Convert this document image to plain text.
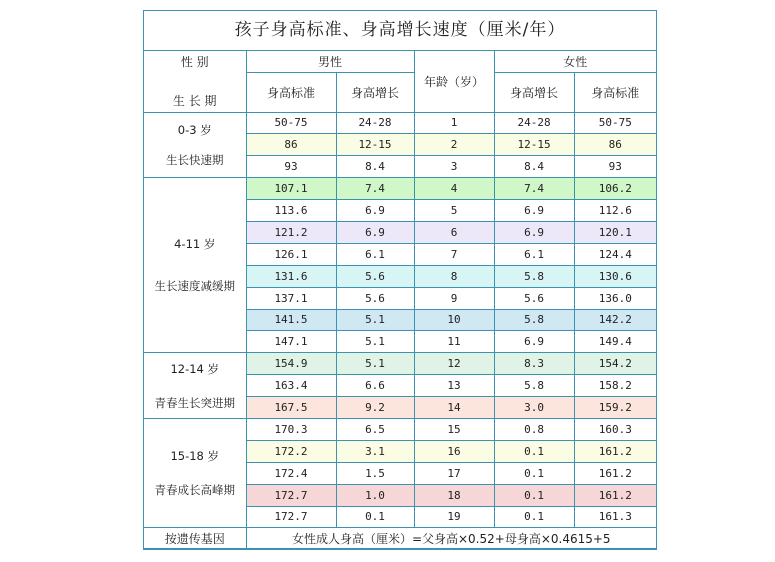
孩子身高标准、身高增长速度（厘米/年）
性 别
生 长 期	男性		年龄（岁）	女性	
	身高标准	身高增长		身高增长	身高标准

0-3 岁
生长快速期	50-75	24-28	1	24-28	50-75
	86	12-15	2	12-15	86
	93	8.4	3	8.4	93

4-11 岁
生长速度减缓期	107.1	7.4	4	7.4	106.2
	113.6	6.9	5	6.9	112.6
	121.2	6.9	6	6.9	120.1
	126.1	6.1	7	6.1	124.4
	131.6	5.6	8	5.8	130.6
	137.1	5.6	9	5.6	136.0
	141.5	5.1	10	5.8	142.2
	147.1	5.1	11	6.9	149.4

12-14 岁
青春生长突进期	154.9	5.1	12	8.3	154.2
	163.4	6.6	13	5.8	158.2
	167.5	9.2	14	3.0	159.2

15-18 岁
青春成长高峰期	170.3	6.5	15	0.8	160.3
	172.2	3.1	16	0.1	161.2
	172.4	1.5	17	0.1	161.2
	172.7	1.0	18	0.1	161.2
	172.7	0.1	19	0.1	161.3
按遗传基因	女性成人身高（厘米）=父身高×0.52+母身高×0.4615+5
